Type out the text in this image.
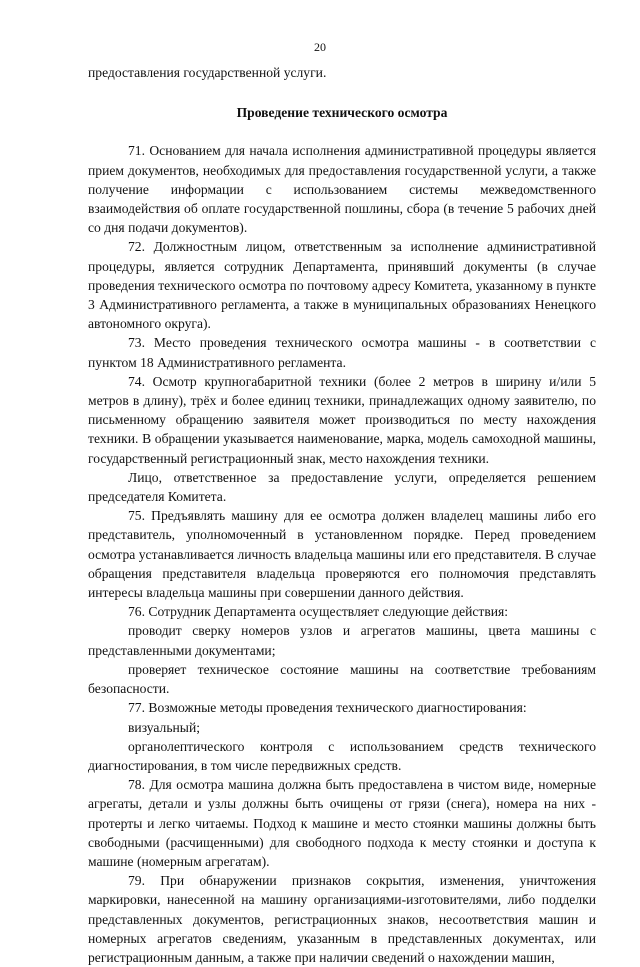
20

предоставления государственной услуги.

Проведение технического осмотра

71. Основанием для начала исполнения административной процедуры является прием документов, необходимых для предоставления государственной услуги, а также получение информации с использованием системы межведомственного взаимодействия об оплате государственной пошлины, сбора (в течение 5 рабочих дней со дня подачи документов).

72. Должностным лицом, ответственным за исполнение административной процедуры, является сотрудник Департамента, принявший документы (в случае проведения технического осмотра по почтовому адресу Комитета, указанному в пункте 3 Административного регламента, а также в муниципальных образованиях Ненецкого автономного округа).

73. Место проведения технического осмотра машины - в соответствии с пунктом 18 Административного регламента.

74. Осмотр крупногабаритной техники (более 2 метров в ширину и/или 5 метров в длину), трёх и более единиц техники, принадлежащих одному заявителю, по письменному обращению заявителя может производиться по месту нахождения техники. В обращении указывается наименование, марка, модель самоходной машины, государственный регистрационный знак, место нахождения техники.

Лицо, ответственное за предоставление услуги, определяется решением председателя Комитета.

75. Предъявлять машину для ее осмотра должен владелец машины либо его представитель, уполномоченный в установленном порядке. Перед проведением осмотра устанавливается личность владельца машины или его представителя. В случае обращения представителя владельца проверяются его полномочия представлять интересы владельца машины при совершении данного действия.

76. Сотрудник Департамента осуществляет следующие действия:

проводит сверку номеров узлов и агрегатов машины, цвета машины с представленными документами;

проверяет техническое состояние машины на соответствие требованиям безопасности.

77. Возможные методы проведения технического диагностирования:

визуальный;

органолептического контроля с использованием средств технического диагностирования, в том числе передвижных средств.

78. Для осмотра машина должна быть предоставлена в чистом виде, номерные агрегаты, детали и узлы должны быть очищены от грязи (снега), номера на них - протерты и легко читаемы. Подход к машине и место стоянки машины должны быть свободными (расчищенными) для свободного подхода к месту стоянки и доступа к машине (номерным агрегатам).

79. При обнаружении признаков сокрытия, изменения, уничтожения маркировки, нанесенной на машину организациями-изготовителями, либо подделки представленных документов, регистрационных знаков, несоответствия машин и номерных агрегатов сведениям, указанным в представленных документах, или регистрационным данным, а также при наличии сведений о нахождении машин,
